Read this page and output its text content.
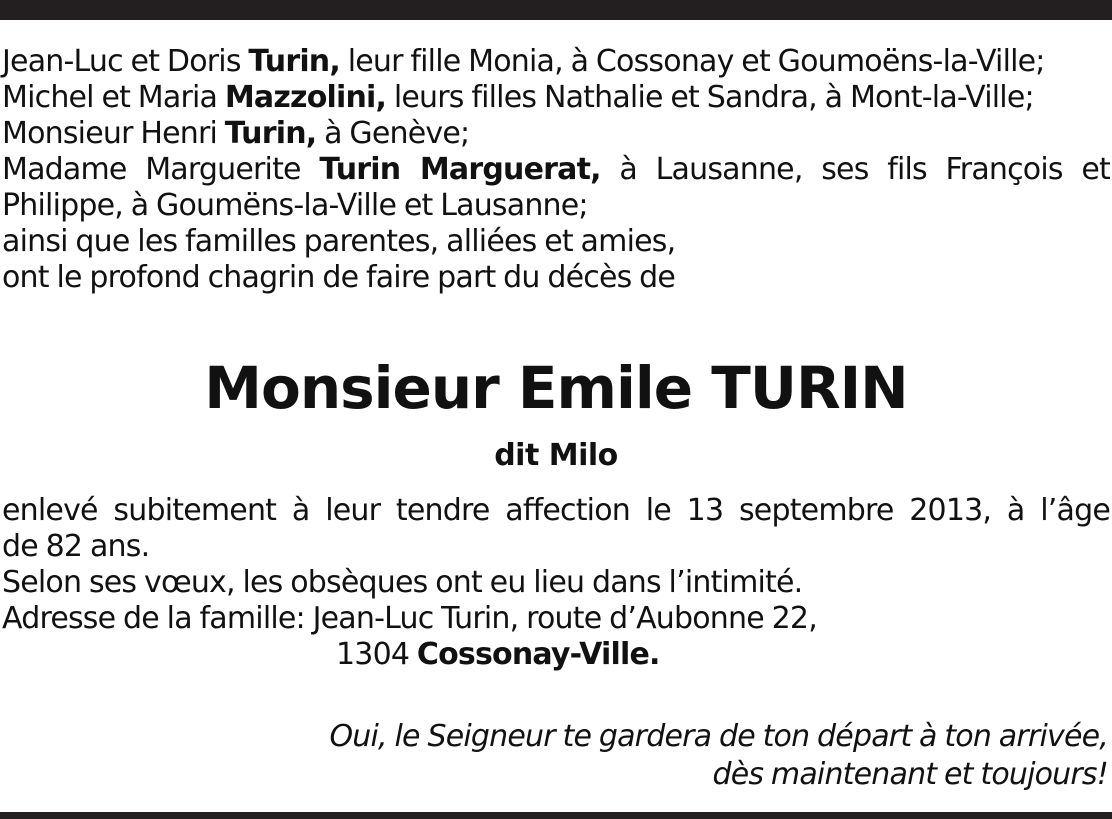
Jean-Luc et Doris Turin, leur fille Monia, à Cossonay et Goumoëns-la-Ville;
Michel et Maria Mazzolini, leurs filles Nathalie et Sandra, à Mont-la-Ville;
Monsieur Henri Turin, à Genève;
Madame Marguerite Turin Marguerat, à Lausanne, ses fils François et
Philippe, à Goumëns-la-Ville et Lausanne;
ainsi que les familles parentes, alliées et amies,
ont le profond chagrin de faire part du décès de
Monsieur Emile TURIN
dit Milo
enlevé subitement à leur tendre affection le 13 septembre 2013, à l’âge
de 82 ans.
Selon ses vœux, les obsèques ont eu lieu dans l’intimité.
Adresse de la famille: Jean-Luc Turin, route d’Aubonne 22,
1304 Cossonay-Ville.
Oui, le Seigneur te gardera de ton départ à ton arrivée,
dès maintenant et toujours!
